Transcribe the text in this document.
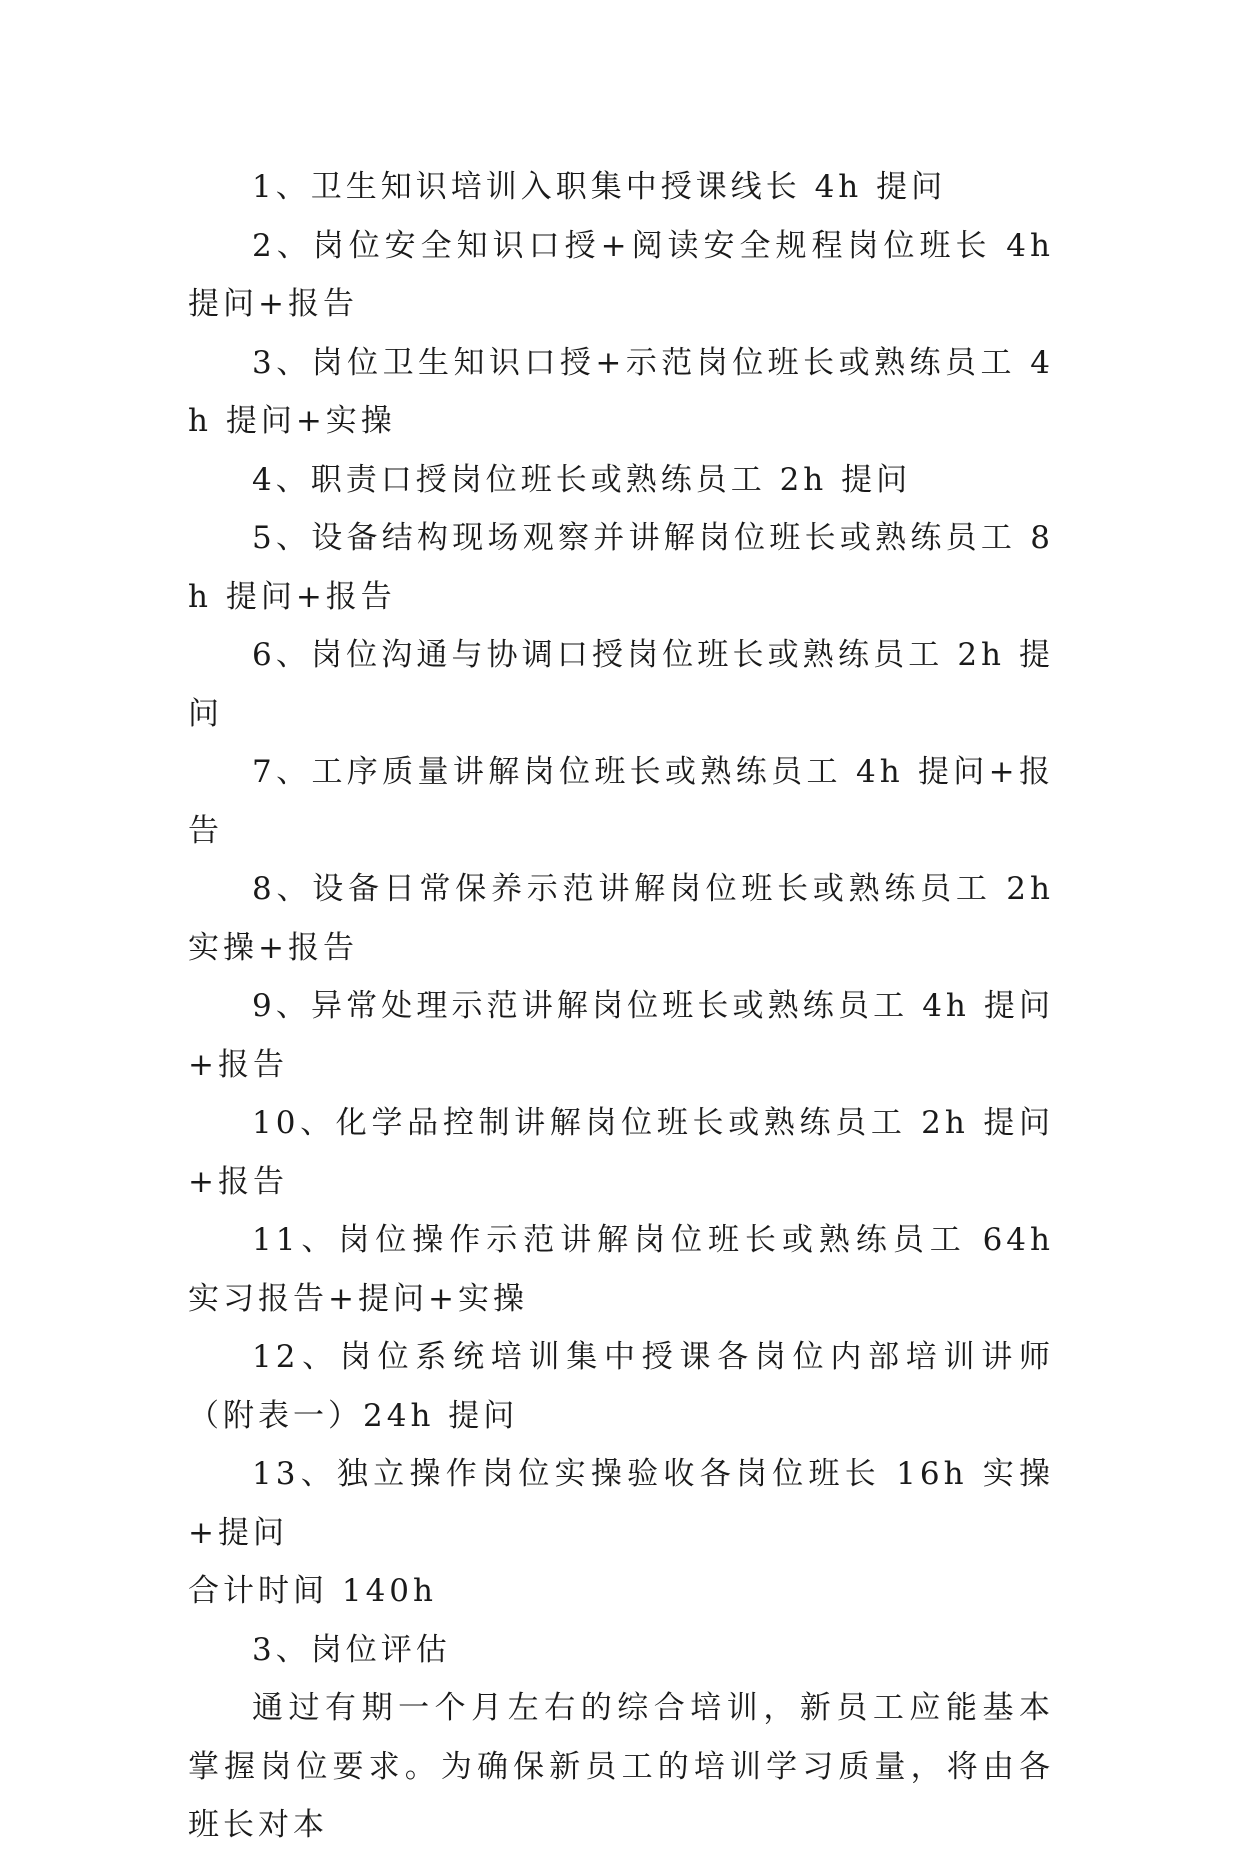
1、卫生知识培训入职集中授课线长 4h 提问

2、岗位安全知识口授+阅读安全规程岗位班长 4h 提问+报告

3、岗位卫生知识口授+示范岗位班长或熟练员工 4h 提问+实操

4、职责口授岗位班长或熟练员工 2h 提问

5、设备结构现场观察并讲解岗位班长或熟练员工 8h 提问+报告

6、岗位沟通与协调口授岗位班长或熟练员工 2h 提问

7、工序质量讲解岗位班长或熟练员工 4h 提问+报告

8、设备日常保养示范讲解岗位班长或熟练员工 2h 实操+报告

9、异常处理示范讲解岗位班长或熟练员工 4h 提问+报告

10、化学品控制讲解岗位班长或熟练员工 2h 提问+报告

11、岗位操作示范讲解岗位班长或熟练员工 64h 实习报告+提问+实操

12、岗位系统培训集中授课各岗位内部培训讲师（附表一）24h 提问

13、独立操作岗位实操验收各岗位班长 16h 实操+提问

合计时间 140h

3、岗位评估

通过有期一个月左右的综合培训，新员工应能基本掌握岗位要求。为确保新员工的培训学习质量，将由各班长对本
